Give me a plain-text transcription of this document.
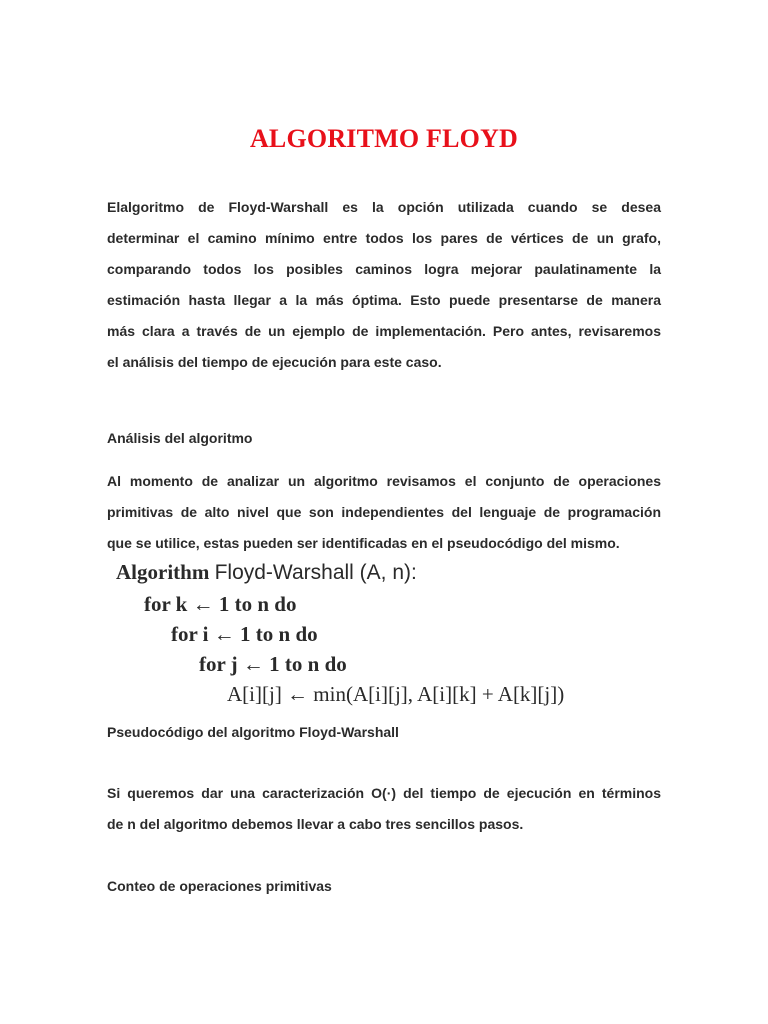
ALGORITMO FLOYD
Elalgoritmo de Floyd-Warshall es la opción utilizada cuando se desea
determinar el camino mínimo entre todos los pares de vértices de un grafo,
comparando todos los posibles caminos logra mejorar paulatinamente la
estimación hasta llegar a la más óptima. Esto puede presentarse de manera
más clara a través de un ejemplo de implementación. Pero antes, revisaremos
el análisis del tiempo de ejecución para este caso.
Análisis del algoritmo
Al momento de analizar un algoritmo revisamos el conjunto de operaciones
primitivas de alto nivel que son independientes del lenguaje de programación
que se utilice, estas pueden ser identificadas en el pseudocódigo del mismo.
Algorithm Floyd-Warshall (A, n):
for k ← 1 to n do
for i ← 1 to n do
for j ← 1 to n do
A[i][j] ← min(A[i][j], A[i][k] + A[k][j])
Pseudocódigo del algoritmo Floyd-Warshall
Si queremos dar una caracterización O(·) del tiempo de ejecución en términos
de n del algoritmo debemos llevar a cabo tres sencillos pasos.
Conteo de operaciones primitivas
